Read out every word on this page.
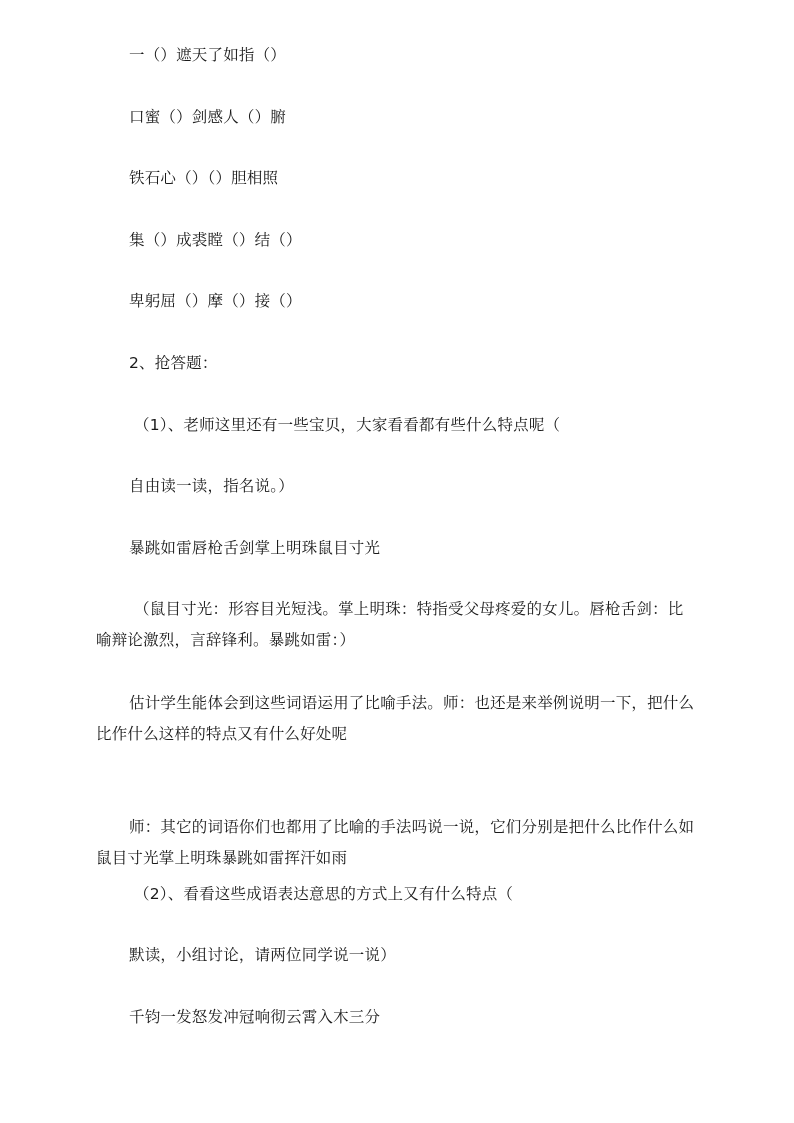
一（）遮天了如指（）

口蜜（）剑感人（）腑

铁石心（）（）胆相照

集（）成裘瞠（）结（）

卑躬屈（）摩（）接（）

2、抢答题：

（1）、老师这里还有一些宝贝，大家看看都有些什么特点呢（

自由读一读，指名说。）

暴跳如雷唇枪舌剑掌上明珠鼠目寸光

（鼠目寸光：形容目光短浅。掌上明珠：特指受父母疼爱的女儿。唇枪舌剑：比喻辩论激烈，言辞锋利。暴跳如雷：）

估计学生能体会到这些词语运用了比喻手法。师：也还是来举例说明一下，把什么比作什么这样的特点又有什么好处呢

师：其它的词语你们也都用了比喻的手法吗说一说，它们分别是把什么比作什么如鼠目寸光掌上明珠暴跳如雷挥汗如雨

（2）、看看这些成语表达意思的方式上又有什么特点（

默读，小组讨论，请两位同学说一说）

千钧一发怒发冲冠响彻云霄入木三分
